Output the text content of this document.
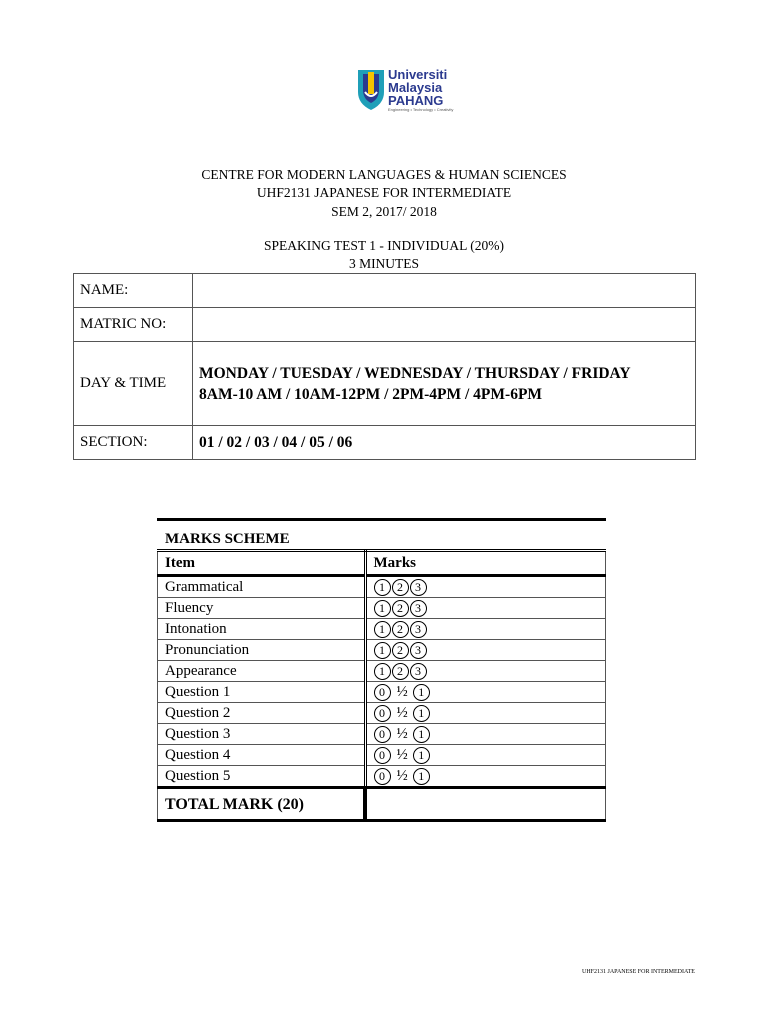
Universiti
Malaysia
PAHANG
Engineering • Technology • Creativity
CENTRE FOR MODERN LANGUAGES & HUMAN SCIENCES
UHF2131 JAPANESE FOR INTERMEDIATE
SEM 2, 2017/ 2018
SPEAKING TEST 1 - INDIVIDUAL (20%)
3 MINUTES
NAME:	
MATRIC NO:	
DAY & TIME	MONDAY / TUESDAY / WEDNESDAY / THURSDAY / FRIDAY
8AM-10 AM / 10AM-12PM / 2PM-4PM / 4PM-6PM

SECTION:	01 / 02 / 03 / 04 / 05 / 06
MARKS SCHEME
Item	Marks
Grammatical	1 2 3
Fluency	1 2 3
Intonation	1 2 3
Pronunciation	1 2 3
Appearance	1 2 3
Question 1	0 ½ 1
Question 2	0 ½ 1
Question 3	0 ½ 1
Question 4	0 ½ 1
Question 5	0 ½ 1
TOTAL MARK (20)	
UHF2131 JAPANESE FOR INTERMEDIATE
